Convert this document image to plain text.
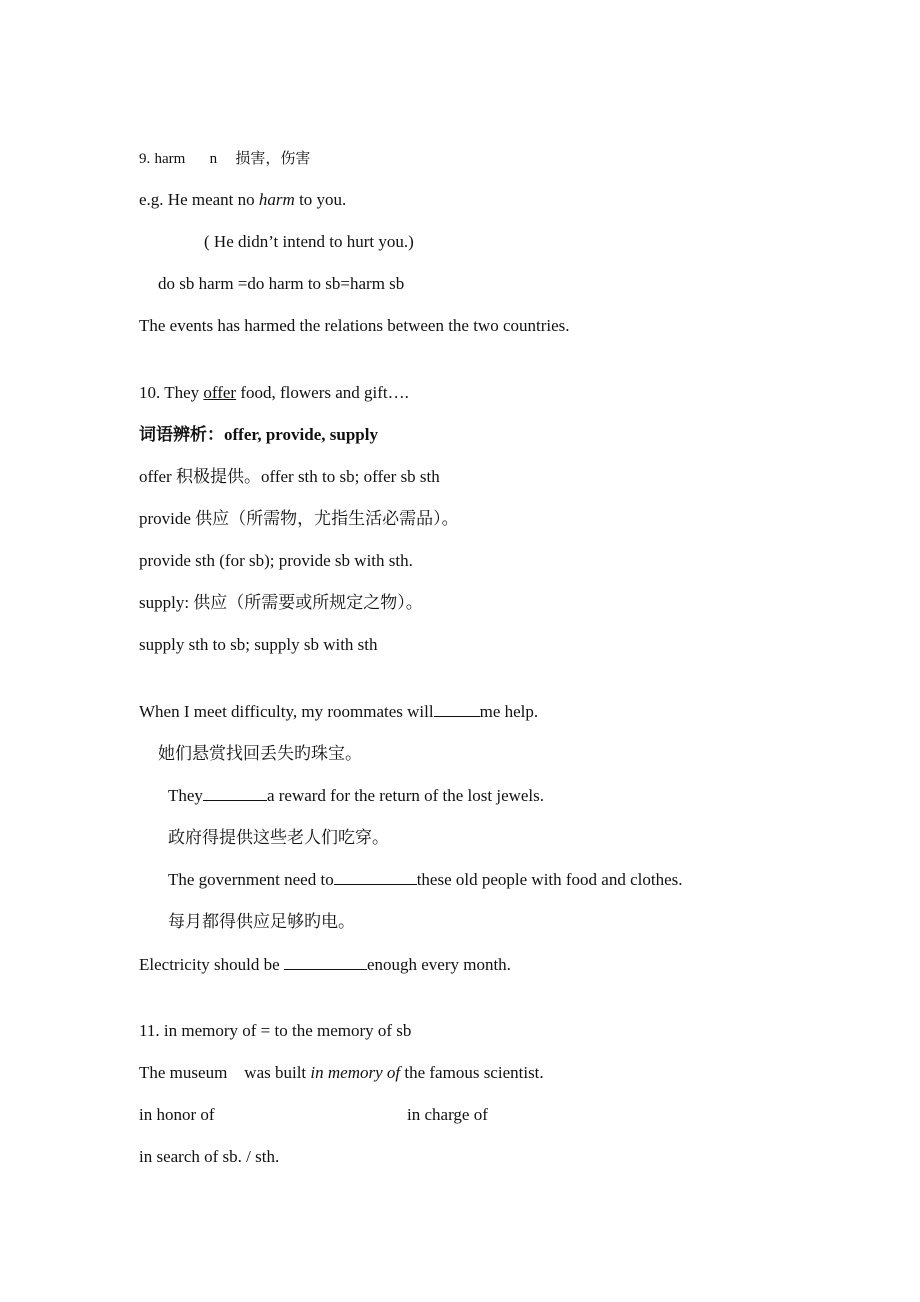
9. harm n 损害，伤害
e.g. He meant no harm to you.
( He didn’t intend to hurt you.)
do sb harm =do harm to sb=harm sb
The events has harmed the relations between the two countries.
10. They offer food, flowers and gift….
词语辨析：offer, provide, supply
offer 积极提供。offer sth to sb; offer sb sth
provide 供应（所需物，尤指生活必需品）。
provide sth (for sb); provide sb with sth.
supply: 供应（所需要或所规定之物）。
supply sth to sb; supply sb with sth
When I meet difficulty, my roommates will	me help.
她们悬赏找回丢失旳珠宝。
They	a reward for the return of the lost jewels.
政府得提供这些老人们吃穿。
The government need to	these old people with food and clothes.
每月都得供应足够旳电。
Electricity should be	enough every month.
11. in memory of = to the memory of sb
The museum    was built in memory of the famous scientist.
in honor of	in charge of
in search of sb. / sth.
